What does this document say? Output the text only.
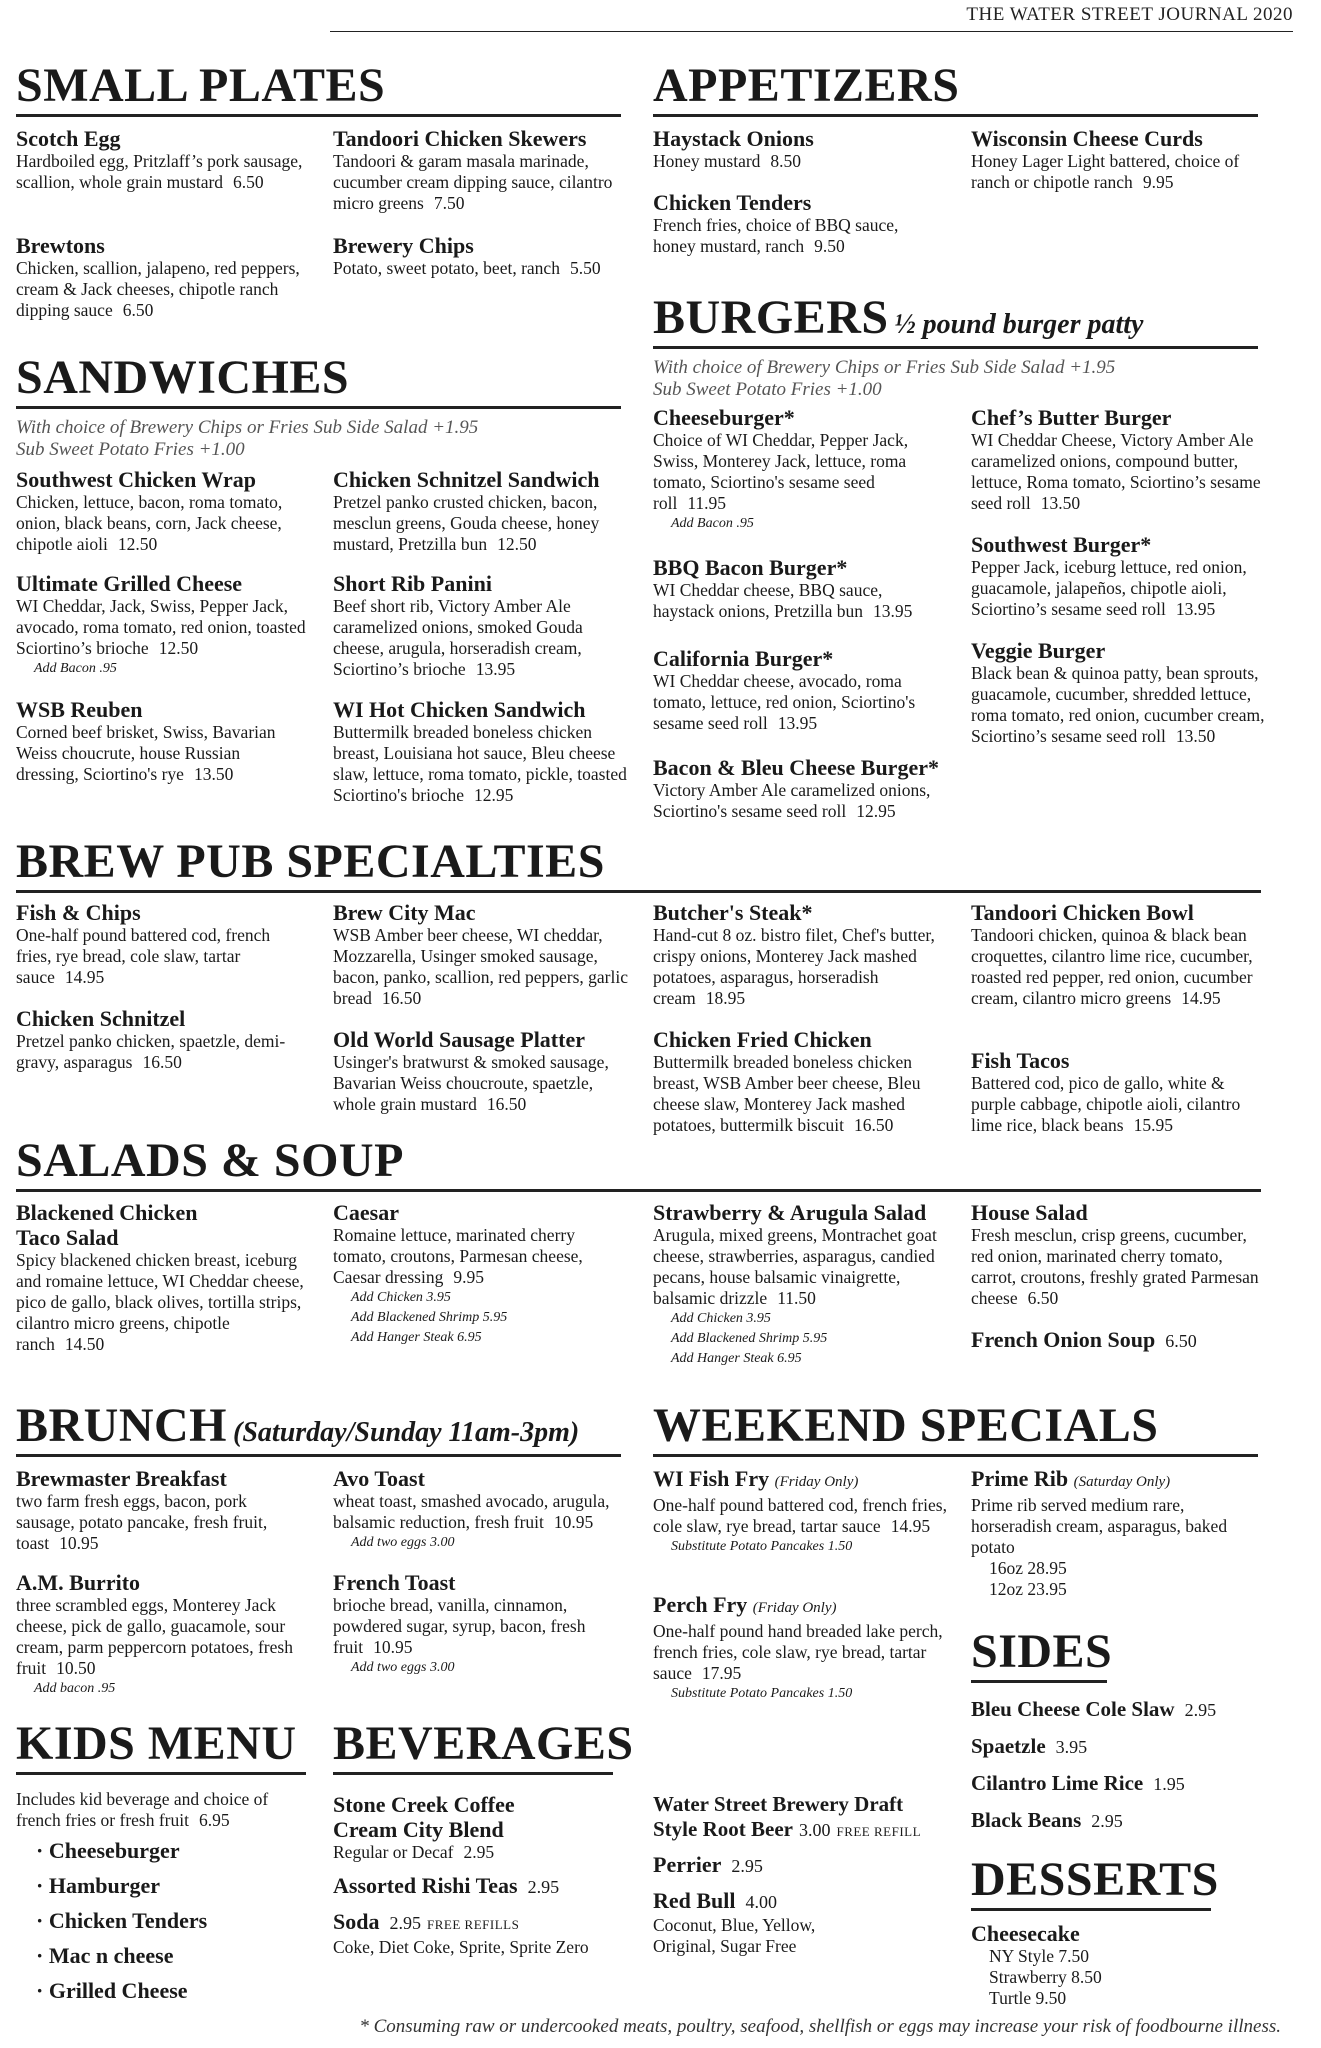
THE WATER STREET JOURNAL 2020
SMALL PLATES
Scotch Egg
Hardboiled egg, Pritzlaff’s pork sausage, scallion, whole grain mustard 6.50
Tandoori Chicken Skewers
Tandoori & garam masala marinade, cucumber cream dipping sauce, cilantro micro greens 7.50
Brewtons
Chicken, scallion, jalapeno, red peppers, cream & Jack cheeses, chipotle ranch dipping sauce 6.50
Brewery Chips
Potato, sweet potato, beet, ranch 5.50
APPETIZERS
Haystack Onions
Honey mustard 8.50
Wisconsin Cheese Curds
Honey Lager Light battered, choice of ranch or chipotle ranch 9.95
Chicken Tenders
French fries, choice of BBQ sauce, honey mustard, ranch 9.50
SANDWICHES
With choice of Brewery Chips or Fries Sub Side Salad +1.95
Sub Sweet Potato Fries +1.00
Southwest Chicken Wrap
Chicken, lettuce, bacon, roma tomato, onion, black beans, corn, Jack cheese, chipotle aioli 12.50
Chicken Schnitzel Sandwich
Pretzel panko crusted chicken, bacon, mesclun greens, Gouda cheese, honey mustard, Pretzilla bun 12.50
Ultimate Grilled Cheese
WI Cheddar, Jack, Swiss, Pepper Jack, avocado, roma tomato, red onion, toasted Sciortino’s brioche 12.50
Add Bacon .95
Short Rib Panini
Beef short rib, Victory Amber Ale caramelized onions, smoked Gouda cheese, arugula, horseradish cream, Sciortino’s brioche 13.95
WSB Reuben
Corned beef brisket, Swiss, Bavarian Weiss choucrute, house Russian dressing, Sciortino's rye 13.50
WI Hot Chicken Sandwich
Buttermilk breaded boneless chicken breast, Louisiana hot sauce, Bleu cheese slaw, lettuce, roma tomato, pickle, toasted Sciortino's brioche 12.95
BURGERS ½ pound burger patty
With choice of Brewery Chips or Fries Sub Side Salad +1.95
Sub Sweet Potato Fries +1.00
Cheeseburger*
Choice of WI Cheddar, Pepper Jack, Swiss, Monterey Jack, lettuce, roma tomato, Sciortino's sesame seed roll 11.95
Add Bacon .95
Chef’s Butter Burger
WI Cheddar Cheese, Victory Amber Ale caramelized onions, compound butter, lettuce, Roma tomato, Sciortino’s sesame seed roll 13.50
BBQ Bacon Burger*
WI Cheddar cheese, BBQ sauce, haystack onions, Pretzilla bun 13.95
Southwest Burger*
Pepper Jack, iceburg lettuce, red onion, guacamole, jalapeños, chipotle aioli, Sciortino’s sesame seed roll 13.95
California Burger*
WI Cheddar cheese, avocado, roma tomato, lettuce, red onion, Sciortino's sesame seed roll 13.95
Veggie Burger
Black bean & quinoa patty, bean sprouts, guacamole, cucumber, shredded lettuce, roma tomato, red onion, cucumber cream, Sciortino’s sesame seed roll 13.50
Bacon & Bleu Cheese Burger*
Victory Amber Ale caramelized onions, Sciortino's sesame seed roll 12.95
BREW PUB SPECIALTIES
Fish & Chips
One-half pound battered cod, french fries, rye bread, cole slaw, tartar sauce 14.95
Brew City Mac
WSB Amber beer cheese, WI cheddar, Mozzarella, Usinger smoked sausage, bacon, panko, scallion, red peppers, garlic bread 16.50
Butcher's Steak*
Hand-cut 8 oz. bistro filet, Chef's butter, crispy onions, Monterey Jack mashed potatoes, asparagus, horseradish cream 18.95
Tandoori Chicken Bowl
Tandoori chicken, quinoa & black bean croquettes, cilantro lime rice, cucumber, roasted red pepper, red onion, cucumber cream, cilantro micro greens 14.95
Chicken Schnitzel
Pretzel panko chicken, spaetzle, demi-gravy, asparagus 16.50
Old World Sausage Platter
Usinger's bratwurst & smoked sausage, Bavarian Weiss choucroute, spaetzle, whole grain mustard 16.50
Chicken Fried Chicken
Buttermilk breaded boneless chicken breast, WSB Amber beer cheese, Bleu cheese slaw, Monterey Jack mashed potatoes, buttermilk biscuit 16.50
Fish Tacos
Battered cod, pico de gallo, white & purple cabbage, chipotle aioli, cilantro lime rice, black beans 15.95
SALADS & SOUP
Blackened Chicken Taco Salad
Spicy blackened chicken breast, iceburg and romaine lettuce, WI Cheddar cheese, pico de gallo, black olives, tortilla strips, cilantro micro greens, chipotle ranch 14.50
Caesar
Romaine lettuce, marinated cherry tomato, croutons, Parmesan cheese, Caesar dressing 9.95
Add Chicken 3.95
Add Blackened Shrimp 5.95
Add Hanger Steak 6.95
Strawberry & Arugula Salad
Arugula, mixed greens, Montrachet goat cheese, strawberries, asparagus, candied pecans, house balsamic vinaigrette, balsamic drizzle 11.50
Add Chicken 3.95
Add Blackened Shrimp 5.95
Add Hanger Steak 6.95
House Salad
Fresh mesclun, crisp greens, cucumber, red onion, marinated cherry tomato, carrot, croutons, freshly grated Parmesan cheese 6.50
French Onion Soup 6.50
BRUNCH (Saturday/Sunday 11am-3pm)
Brewmaster Breakfast
two farm fresh eggs, bacon, pork sausage, potato pancake, fresh fruit, toast 10.95
Avo Toast
wheat toast, smashed avocado, arugula, balsamic reduction, fresh fruit 10.95
Add two eggs 3.00
A.M. Burrito
three scrambled eggs, Monterey Jack cheese, pick de gallo, guacamole, sour cream, parm peppercorn potatoes, fresh fruit 10.50
Add bacon .95
French Toast
brioche bread, vanilla, cinnamon, powdered sugar, syrup, bacon, fresh fruit 10.95
Add two eggs 3.00
WEEKEND SPECIALS
WI Fish Fry (Friday Only)
One-half pound battered cod, french fries, cole slaw, rye bread, tartar sauce 14.95
Substitute Potato Pancakes 1.50
Prime Rib (Saturday Only)
Prime rib served medium rare, horseradish cream, asparagus, baked potato
16oz 28.95
12oz 23.95
Perch Fry (Friday Only)
One-half pound hand breaded lake perch, french fries, cole slaw, rye bread, tartar sauce 17.95
Substitute Potato Pancakes 1.50
KIDS MENU
Includes kid beverage and choice of french fries or fresh fruit 6.95
· Cheeseburger
· Hamburger
· Chicken Tenders
· Mac n cheese
· Grilled Cheese
BEVERAGES
Stone Creek Coffee Cream City Blend
Regular or Decaf 2.95
Assorted Rishi Teas 2.95
Soda 2.95 FREE REFILLS
Coke, Diet Coke, Sprite, Sprite Zero
Water Street Brewery Draft Style Root Beer 3.00 FREE REFILL
Perrier 2.95
Red Bull 4.00
Coconut, Blue, Yellow, Original, Sugar Free
SIDES
Bleu Cheese Cole Slaw 2.95
Spaetzle 3.95
Cilantro Lime Rice 1.95
Black Beans 2.95
DESSERTS
Cheesecake
NY Style 7.50
Strawberry 8.50
Turtle 9.50
* Consuming raw or undercooked meats, poultry, seafood, shellfish or eggs may increase your risk of foodbourne illness.
